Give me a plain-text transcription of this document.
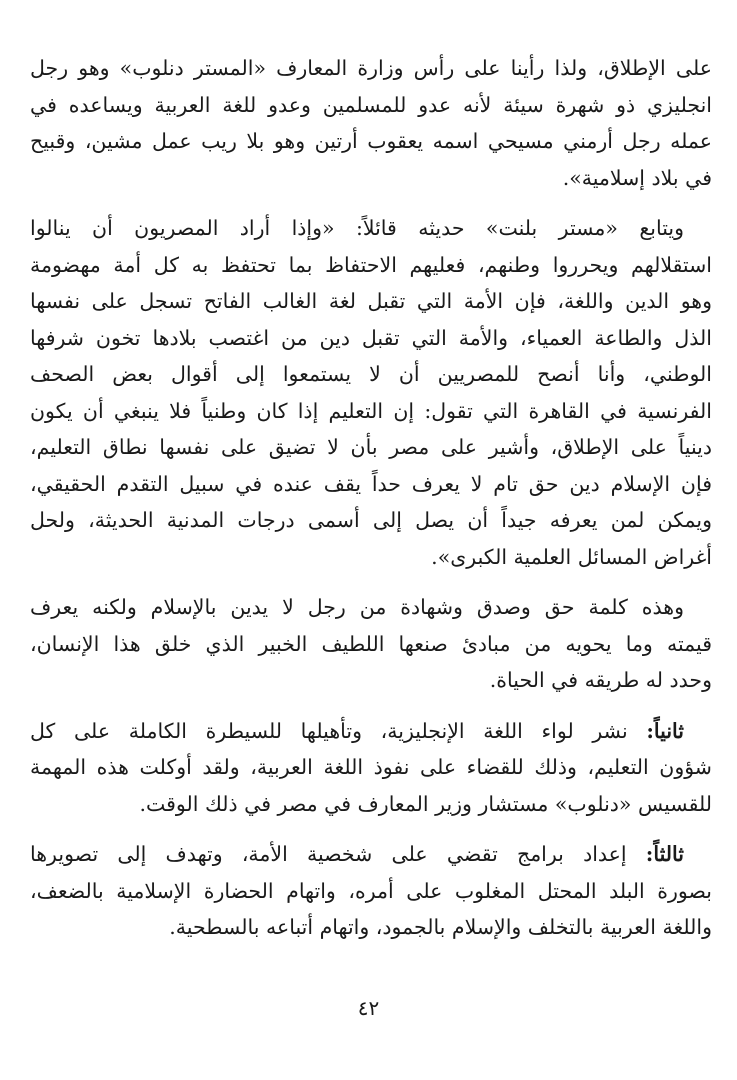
على الإطلاق، ولذا رأينا على رأس وزارة المعارف «المستر دنلوب» وهو رجل
انجليزي ذو شهرة سيئة لأنه عدو للمسلمين وعدو للغة العربية ويساعده في
عمله رجل أرمني مسيحي اسمه يعقوب أرتين وهو بلا ريب عمل مشين، وقبيح
في بلاد إسلامية».

ويتابع «مستر بلنت» حديثه قائلاً: «وإذا أراد المصريون أن ينالوا
استقلالهم ويحرروا وطنهم، فعليهم الاحتفاظ بما تحتفظ به كل أمة مهضومة
وهو الدين واللغة، فإن الأمة التي تقبل لغة الغالب الفاتح تسجل على نفسها
الذل والطاعة العمياء، والأمة التي تقبل دين من اغتصب بلادها تخون شرفها
الوطني، وأنا أنصح للمصريين أن لا يستمعوا إلى أقوال بعض الصحف
الفرنسية في القاهرة التي تقول: إن التعليم إذا كان وطنياً فلا ينبغي أن يكون
دينياً على الإطلاق، وأشير على مصر بأن لا تضيق على نفسها نطاق التعليم،
فإن الإسلام دين حق تام لا يعرف حداً يقف عنده في سبيل التقدم الحقيقي،
ويمكن لمن يعرفه جيداً أن يصل إلى أسمى درجات المدنية الحديثة، ولحل
أغراض المسائل العلمية الكبرى».

وهذه كلمة حق وصدق وشهادة من رجل لا يدين بالإسلام ولكنه يعرف
قيمته وما يحويه من مبادئ صنعها اللطيف الخبير الذي خلق هذا الإنسان،
وحدد له طريقه في الحياة.

ثانياً: نشر لواء اللغة الإنجليزية، وتأهيلها للسيطرة الكاملة على كل
شؤون التعليم، وذلك للقضاء على نفوذ اللغة العربية، ولقد أوكلت هذه المهمة
للقسيس «دنلوب» مستشار وزير المعارف في مصر في ذلك الوقت.

ثالثاً: إعداد برامج تقضي على شخصية الأمة، وتهدف إلى تصويرها
بصورة البلد المحتل المغلوب على أمره، واتهام الحضارة الإسلامية بالضعف،
واللغة العربية بالتخلف والإسلام بالجمود، واتهام أتباعه بالسطحية.

٤٢
